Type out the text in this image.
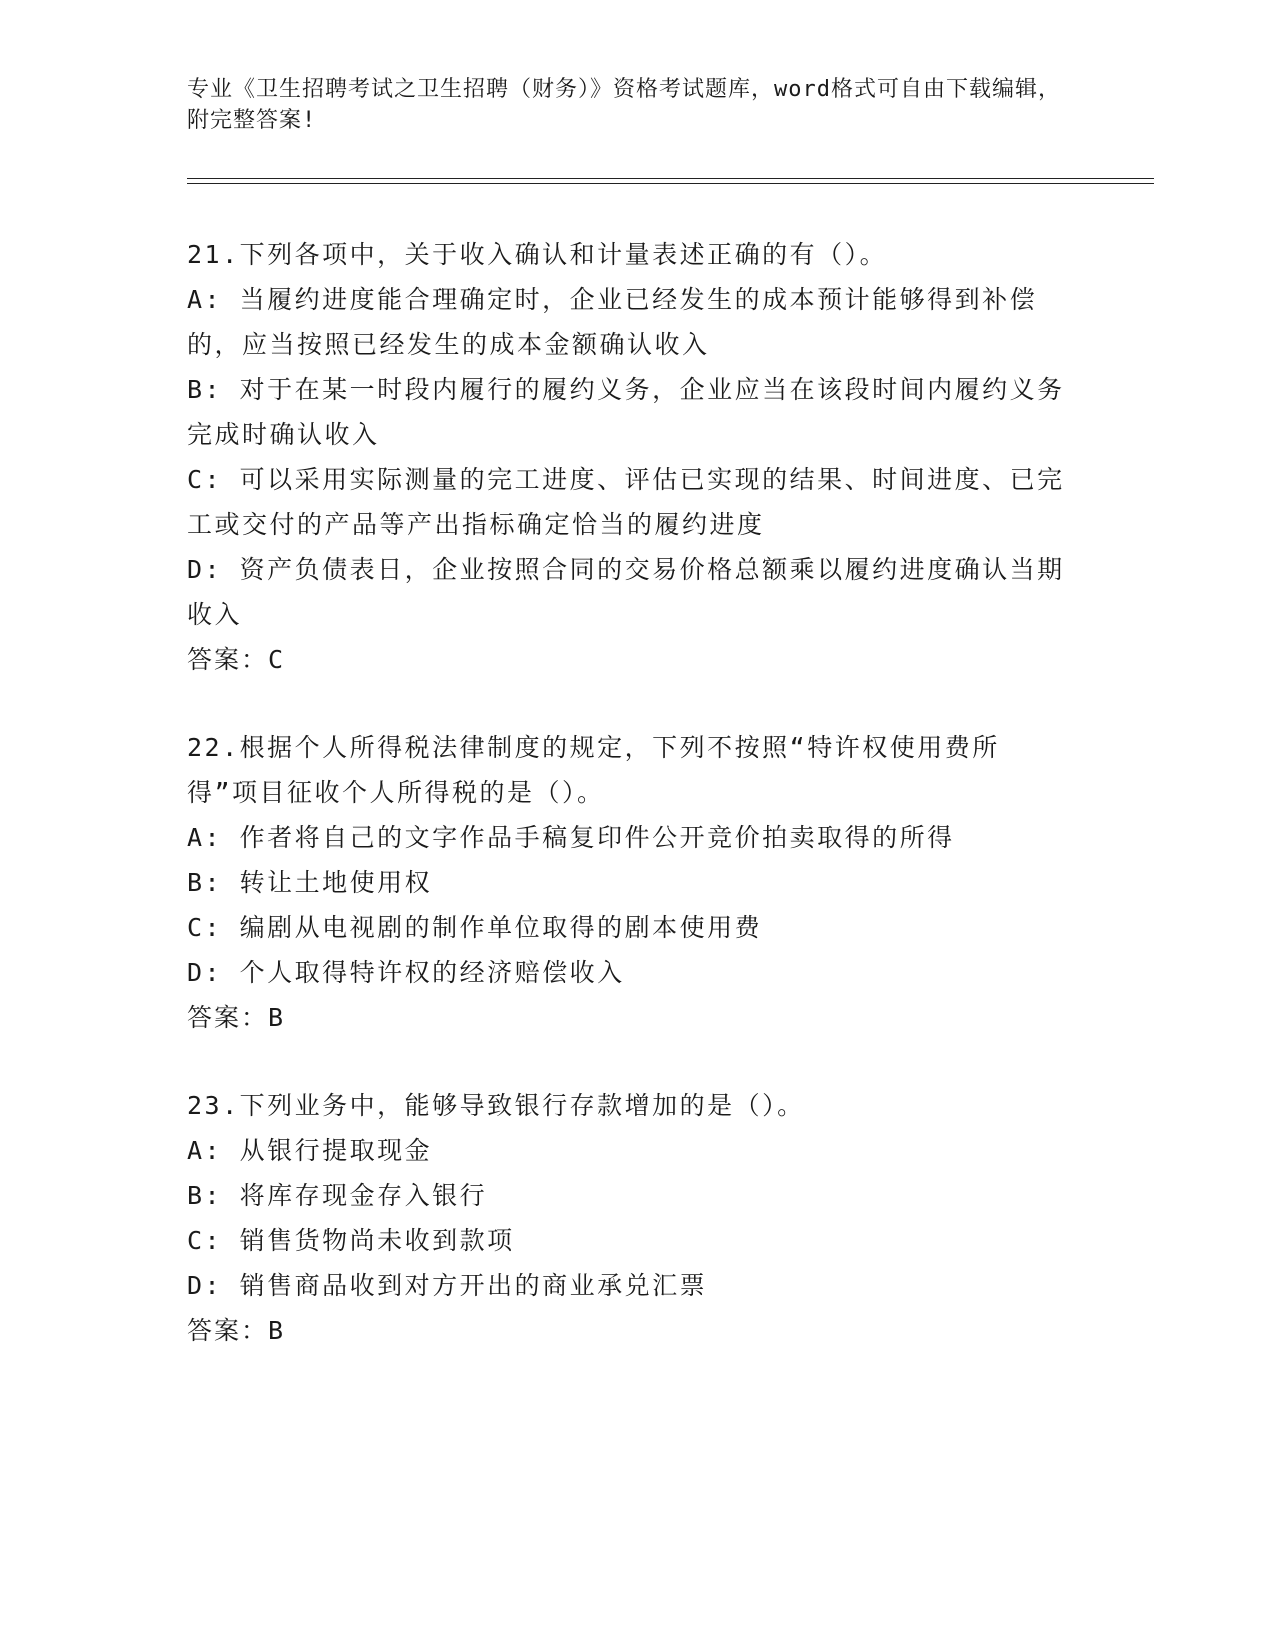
专业《卫生招聘考试之卫生招聘（财务）》资格考试题库，word格式可自由下载编辑，附完整答案!

21.下列各项中，关于收入确认和计量表述正确的有（）。

A: 当履约进度能合理确定时，企业已经发生的成本预计能够得到补偿的，应当按照已经发生的成本金额确认收入

B: 对于在某一时段内履行的履约义务，企业应当在该段时间内履约义务完成时确认收入

C: 可以采用实际测量的完工进度、评估已实现的结果、时间进度、已完工或交付的产品等产出指标确定恰当的履约进度

D: 资产负债表日，企业按照合同的交易价格总额乘以履约进度确认当期收入

答案：C

22.根据个人所得税法律制度的规定，下列不按照“特许权使用费所得”项目征收个人所得税的是（）。

A: 作者将自己的文字作品手稿复印件公开竞价拍卖取得的所得

B: 转让土地使用权

C: 编剧从电视剧的制作单位取得的剧本使用费

D: 个人取得特许权的经济赔偿收入

答案：B

23.下列业务中，能够导致银行存款增加的是（）。

A: 从银行提取现金

B: 将库存现金存入银行

C: 销售货物尚未收到款项

D: 销售商品收到对方开出的商业承兑汇票

答案：B
